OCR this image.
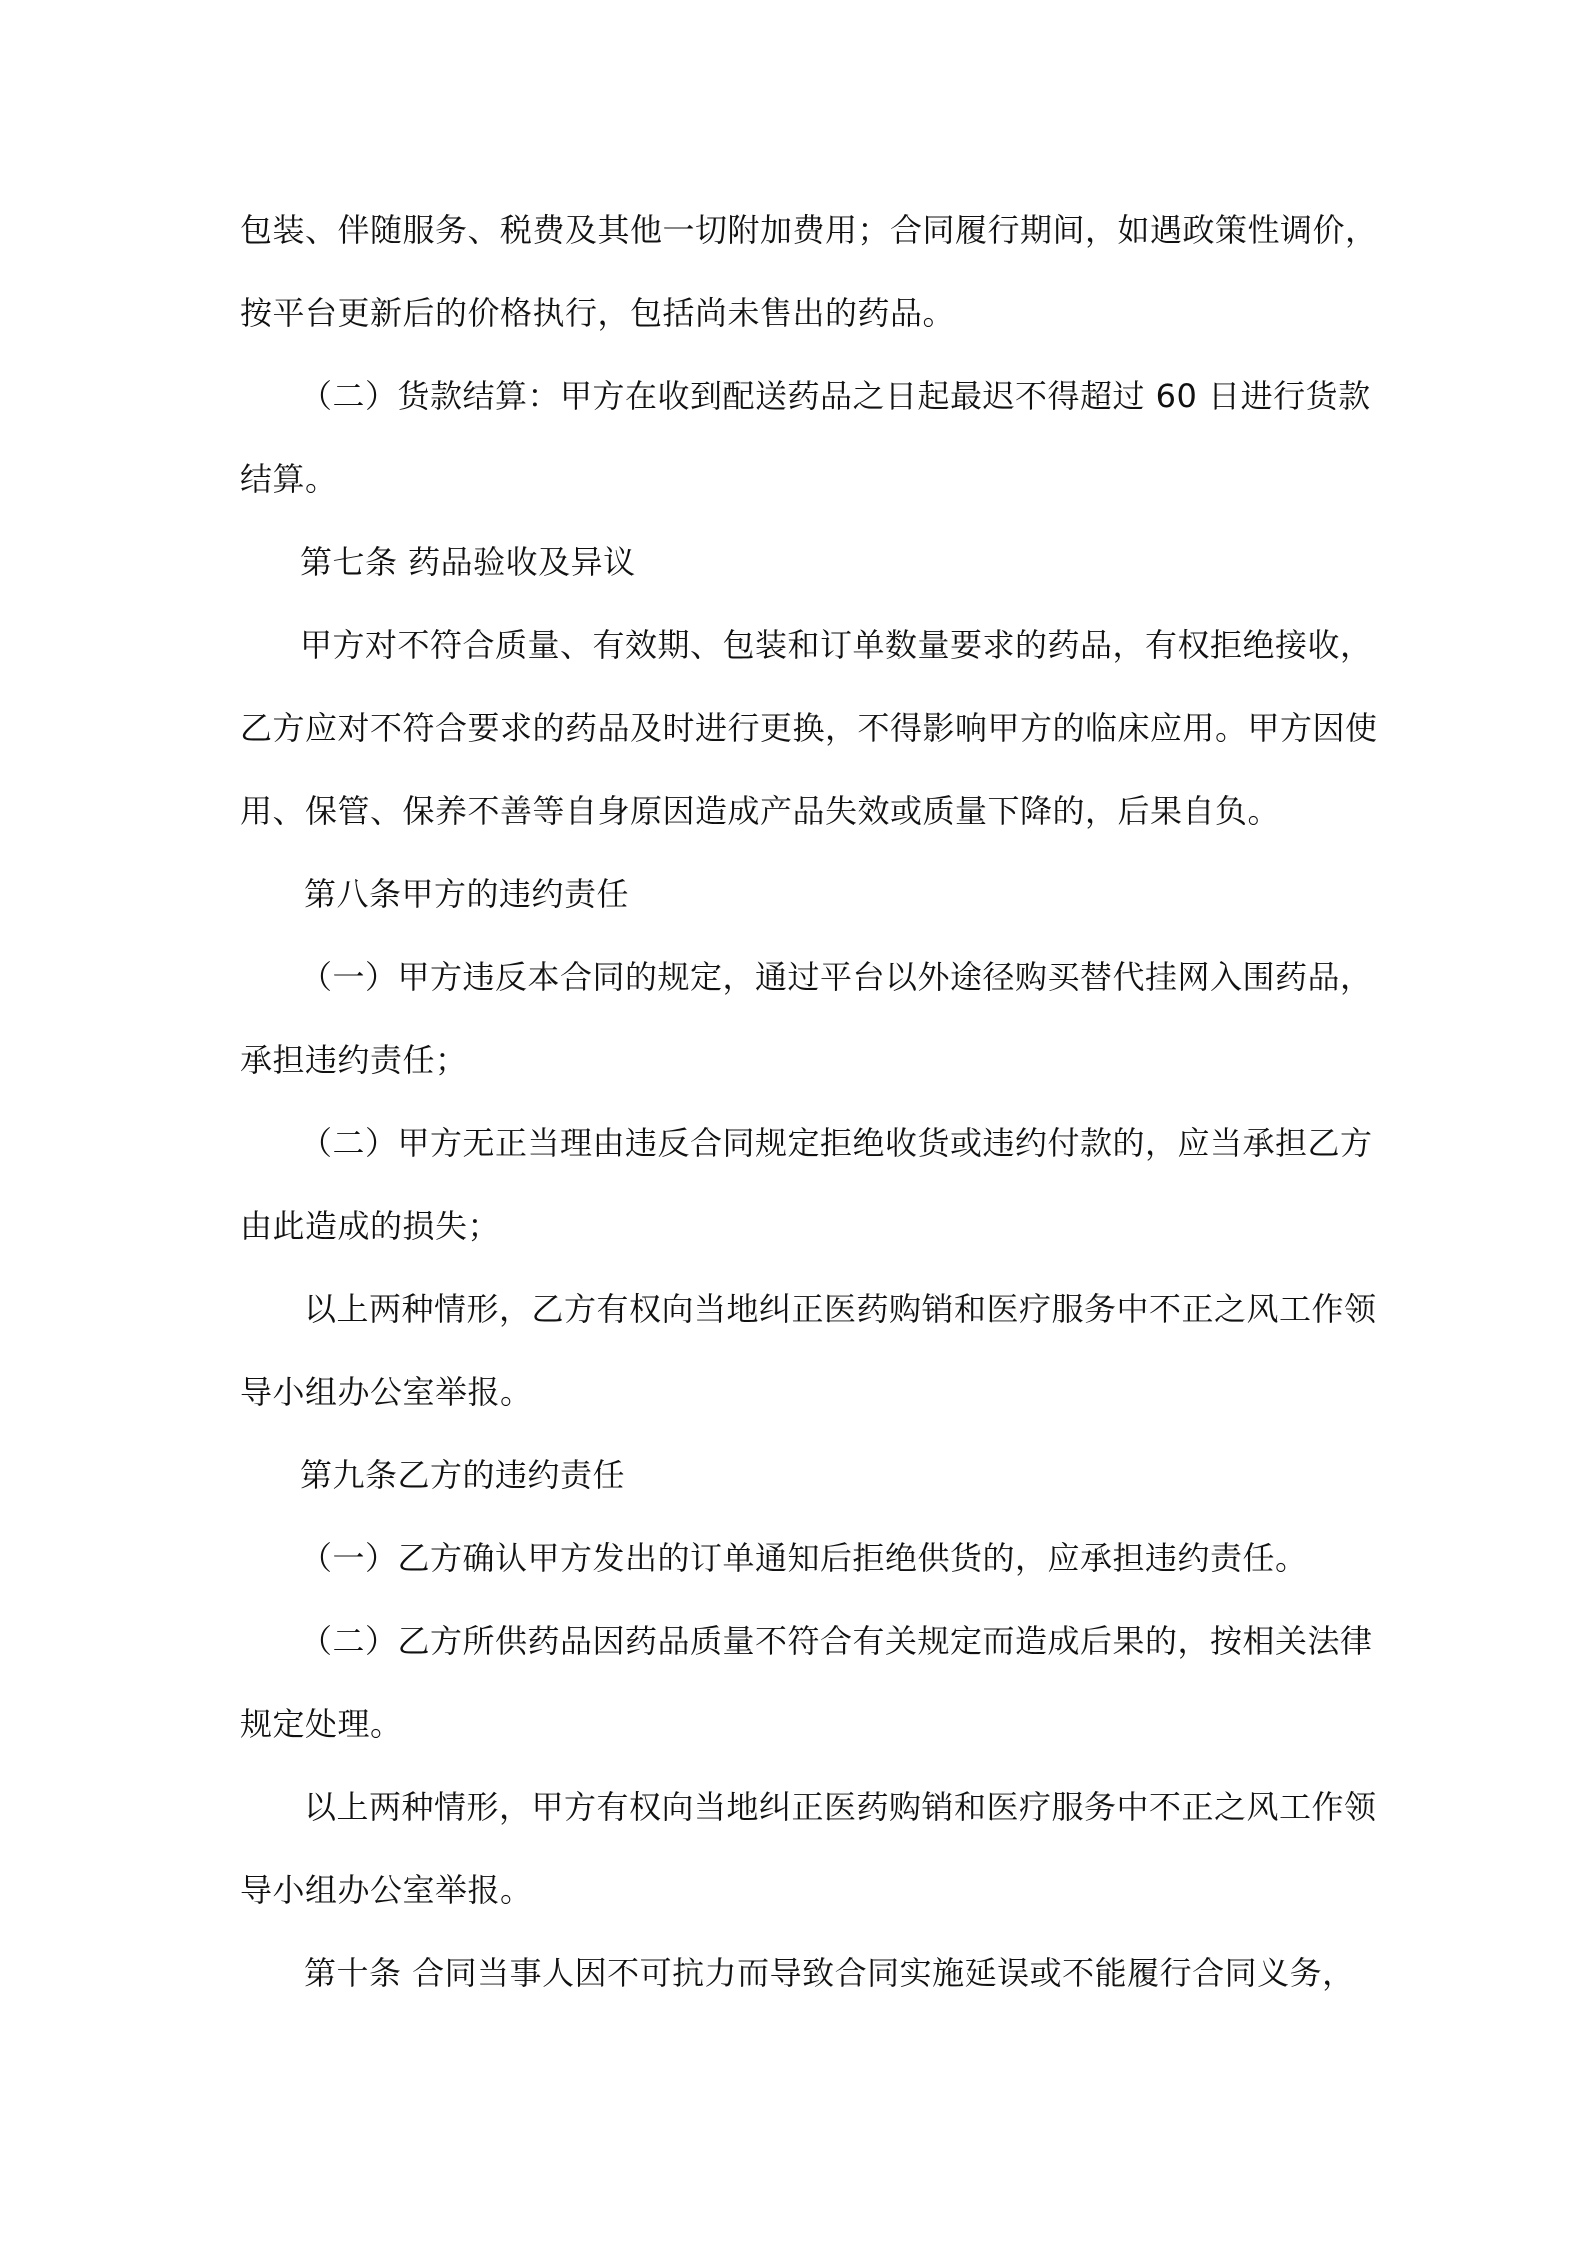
包装、伴随服务、税费及其他一切附加费用；合同履行期间，如遇政策性调价，
按平台更新后的价格执行，包括尚未售出的药品。
（二）货款结算：甲方在收到配送药品之日起最迟不得超过 60 日进行货款
结算。
第七条 药品验收及异议
甲方对不符合质量、有效期、包装和订单数量要求的药品，有权拒绝接收，
乙方应对不符合要求的药品及时进行更换，不得影响甲方的临床应用。甲方因使
用、保管、保养不善等自身原因造成产品失效或质量下降的，后果自负。
第八条甲方的违约责任
（一）甲方违反本合同的规定，通过平台以外途径购买替代挂网入围药品，
承担违约责任；
（二）甲方无正当理由违反合同规定拒绝收货或违约付款的，应当承担乙方
由此造成的损失；
以上两种情形，乙方有权向当地纠正医药购销和医疗服务中不正之风工作领
导小组办公室举报。
第九条乙方的违约责任
（一）乙方确认甲方发出的订单通知后拒绝供货的，应承担违约责任。
（二）乙方所供药品因药品质量不符合有关规定而造成后果的，按相关法律
规定处理。
以上两种情形，甲方有权向当地纠正医药购销和医疗服务中不正之风工作领
导小组办公室举报。
第十条 合同当事人因不可抗力而导致合同实施延误或不能履行合同义务，
